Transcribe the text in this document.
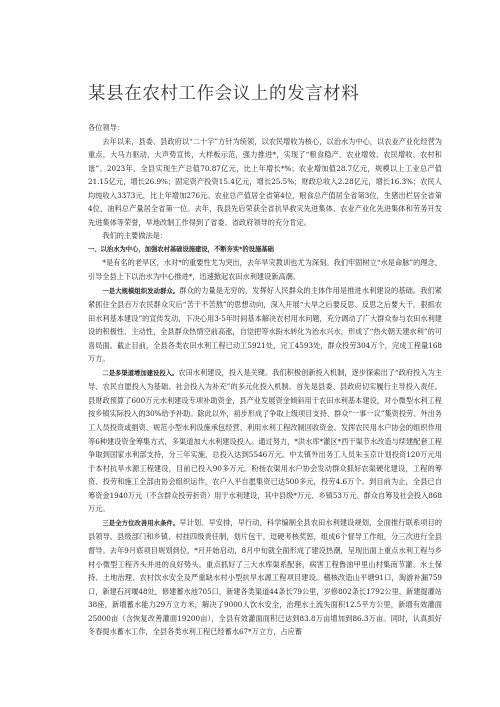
某县在农村工作会议上的发言材料

各位领导：

去年以来，县委、县政府以“二十字”方针为统领，以农民增收为核心，以治水为中心，以农业产业化经营为重点，大马力驱动，大声势宣传，大样板示范，强力推进*，实现了“粮食稳产、农业增效、农民增收、农村和谐”。2023年，全县实现生产总值70.87亿元，比上年增长*%；农业增加值28.7亿元，规模以上工业总产值21.15亿元，增长26.9%；固定资产投资15.4亿元，增长25.5%；财政总收入2.28亿元，增长16.3%；农民人均纯收入3373元，比上年增加276元。农业总产值居全省第4位，粮食总产值居全省第3位，生猪出栏居全省第4位，油料总产量居全省第一位。去年，我县先后荣获全省抗旱救灾先进集体、农业产业化先进集体和劳务开发先进集体等荣誉，旱地改制工作得到了省委、省政府领导的充分肯定。

我们的主要做法是：

一、以治水为中心，加强农村基础设施建设，不断夯实*的设施基础

*是有名的老旱区，水对*的重要性尤为突出，去年旱灾教训也尤为深刻。我们牢固树立“水是命脉”的理念，引导全县上下以治水为中心推进*，迅速掀起农田水利建设新高潮。

一是大规模组织发动群众。群众的力量是无穷的，发挥好人民群众的主体作用是推进水利建设的基础。我们紧紧抓住全县百万农民群众灾后“苦干不苦熬”的思想动向，深入开展“大旱之后要反思、反思之后要大干，狠抓农田水利基本建设”的宣传发动，下决心用3-5年时间基本解决农村用水问题，充分调动了广大群众参与农田水利建设的积极性、主动性，全县群众热情空前高涨，自觉把等水盼水转化为治水兴水，形成了“热火朝天建水利”的可喜局面。截止目前，全县各类农田水利工程已动工5921处，完工4593处，群众投劳304万个，完成工程量168万方。

二是多渠道增加建设投入。农田水利建设，投入是关键。我们积极创新投入机制，逐步探索出了“政府投入为主导、农民自愿投入为基础、社会投入为补充”的多元化投入机制。首先是县委、县政府切实履行主导投入责任。县财政预算了600万元水利建设专项补助资金，县产业发展资金倾斜用于农田水利基本建设，对小微型水利工程按乡镇实际投入的30%给予补助。除此以外，初步形成了争取上级项目支持、群众“一事一议”集资投劳、外出务工人员投资或捐资、规范小型水利设施承包经营、利用水利工程改制回收资金、发挥农民用水户协会的组织作用等6种建设资金筹集方式，多渠道加大水利建设投入。通过努力，*洪水库*灌区*西干渠节水改造与续建配套工程争取到国家水利部支持，分三年实施，总投入达到5546万元。中太镇外出务工人员朱玉京计划投资120万元用于本村抗旱水源工程建设，目前已投入90多万元。粉扬农渠用水户协会发动群众抓好农渠硬化建设，工程的筹资、投劳和施工全部由协会组织运作，农户入平自愿集资已达500多元，投劳4.6万个。到目前为止，全县已自筹资金1940万元（不含群众投劳折资）用于水利建设，其中县级*万元、乡镇53万元、群众自筹及社会投入868万元。

三是全方位改善用水条件。早计划、早安排，早行动，科学编制全县农田水利建设规划，全面推行联系项目的县领导、县级部门和乡镇、村挂四级责任制，划片包干，逗硬考核奖惩，组成6个督导工作组，分三次进行全县督导。去年9月底项目规划到位，*月开始启动，8月中旬就全面形成了建设热潮，呈现出面上重点水利工程与乡村小微型工程齐头并进的良好势头。重点抓好了三大水库渠系配套，病害工程鲁油甲里山村集南节灌、水土保持、土地治理、农村饮水安全及严重缺水村小型抗旱水源工程项目建设。稽核改造山平塘91口，淘游补漏759口，新建石河堰48处，修建蓄水池705口，新建各类渠道44条长79公里，岁修802条长1792公里，新建提灌站38座，新增蓄水能力29万立方米，解决了9000人饮水安全，治理水土流失面积12.5平方公里，新增有效灌面25000亩（含恢复改善灌面19200亩），全县有效灌面面积已达到83.8万亩增加到86.3万亩。同时，认真抓好冬春提水蓄水工作，全县各类水利工程已经蓄水67*万立方，占应蓄
